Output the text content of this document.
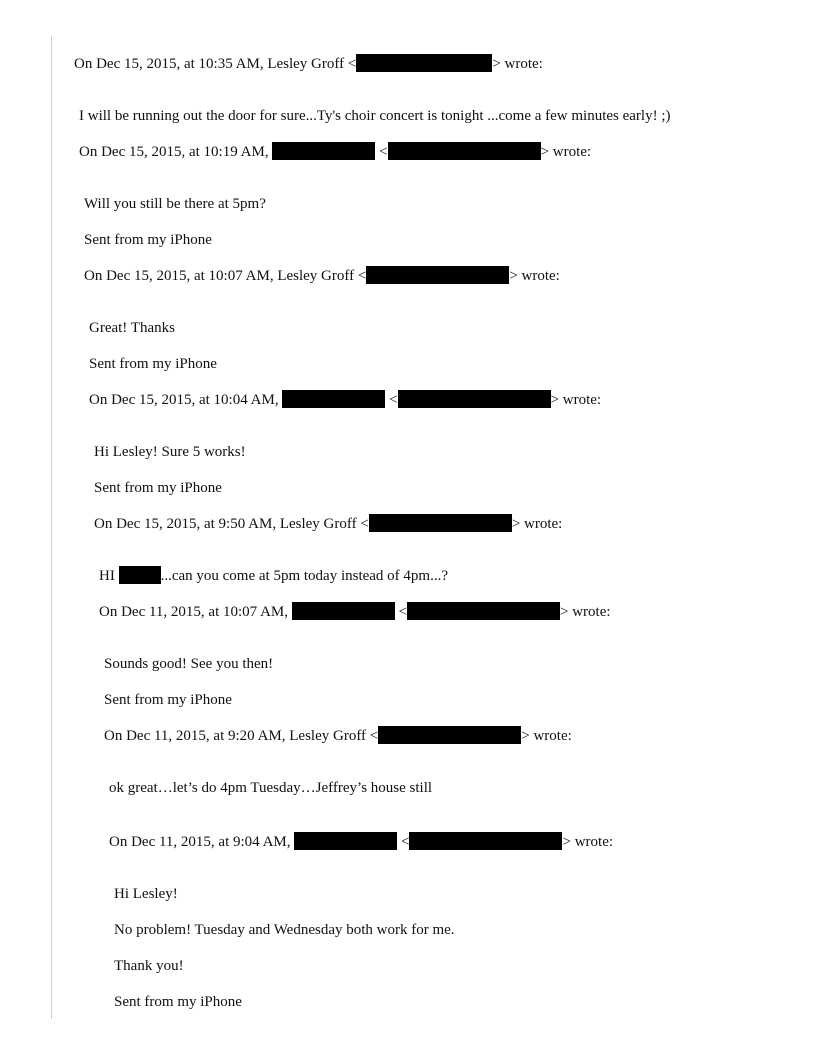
On Dec 15, 2015, at 10:35 AM, Lesley Groff <	> wrote:
I will be running out the door for sure...Ty's choir concert is tonight ...come a few minutes early! ;)
On Dec 15, 2015, at 10:19 AM,	<	> wrote:
Will you still be there at 5pm?
Sent from my iPhone
On Dec 15, 2015, at 10:07 AM, Lesley Groff <	> wrote:
Great! Thanks
Sent from my iPhone
On Dec 15, 2015, at 10:04 AM,	<	> wrote:
Hi Lesley! Sure 5 works!
Sent from my iPhone
On Dec 15, 2015, at 9:50 AM, Lesley Groff <	> wrote:
HI	...can you come at 5pm today instead of 4pm...?
On Dec 11, 2015, at 10:07 AM,	<	> wrote:
Sounds good! See you then!
Sent from my iPhone
On Dec 11, 2015, at 9:20 AM, Lesley Groff <	> wrote:
ok great…let’s do 4pm Tuesday…Jeffrey’s house still
On Dec 11, 2015, at 9:04 AM,	<	> wrote:
Hi Lesley!
No problem! Tuesday and Wednesday both work for me.
Thank you!
Sent from my iPhone
